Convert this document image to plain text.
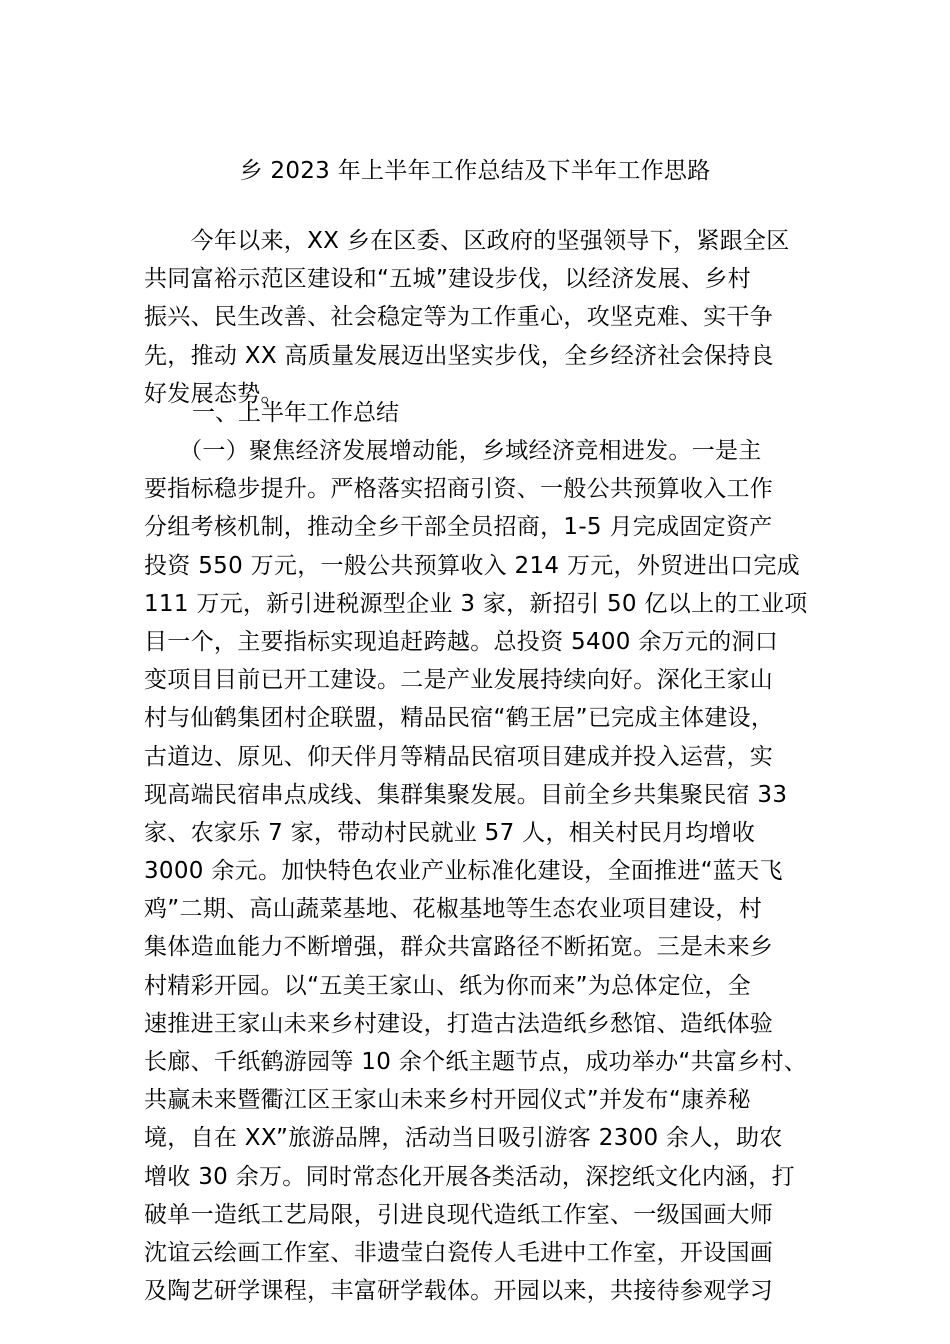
乡 2023 年上半年工作总结及下半年工作思路
　　今年以来，XX 乡在区委、区政府的坚强领导下，紧跟全区
共同富裕示范区建设和“五城”建设步伐，以经济发展、乡村
振兴、民生改善、社会稳定等为工作重心，攻坚克难、实干争
先，推动 XX 高质量发展迈出坚实步伐，全乡经济社会保持良
好发展态势。
一、上半年工作总结
　　（一）聚焦经济发展增动能，乡域经济竞相进发。一是主
要指标稳步提升。严格落实招商引资、一般公共预算收入工作
分组考核机制，推动全乡干部全员招商，1-5 月完成固定资产
投资 550 万元，一般公共预算收入 214 万元，外贸进出口完成
111 万元，新引进税源型企业 3 家，新招引 50 亿以上的工业项
目一个，主要指标实现追赶跨越。总投资 5400 余万元的洞口
变项目目前已开工建设。二是产业发展持续向好。深化王家山
村与仙鹤集团村企联盟，精品民宿“鹤王居”已完成主体建设，
古道边、原见、仰天伴月等精品民宿项目建成并投入运营，实
现高端民宿串点成线、集群集聚发展。目前全乡共集聚民宿 33
家、农家乐 7 家，带动村民就业 57 人，相关村民月均增收
3000 余元。加快特色农业产业标准化建设，全面推进“蓝天飞
鸡”二期、高山蔬菜基地、花椒基地等生态农业项目建设，村
集体造血能力不断增强，群众共富路径不断拓宽。三是未来乡
村精彩开园。以“五美王家山、纸为你而来”为总体定位，全
速推进王家山未来乡村建设，打造古法造纸乡愁馆、造纸体验
长廊、千纸鹤游园等 10 余个纸主题节点，成功举办“共富乡村、
共赢未来暨衢江区王家山未来乡村开园仪式”并发布“康养秘
境，自在 XX”旅游品牌，活动当日吸引游客 2300 余人，助农
增收 30 余万。同时常态化开展各类活动，深挖纸文化内涵，打
破单一造纸工艺局限，引进良现代造纸工作室、一级国画大师
沈谊云绘画工作室、非遗莹白瓷传人毛进中工作室，开设国画
及陶艺研学课程，丰富研学载体。开园以来，共接待参观学习
